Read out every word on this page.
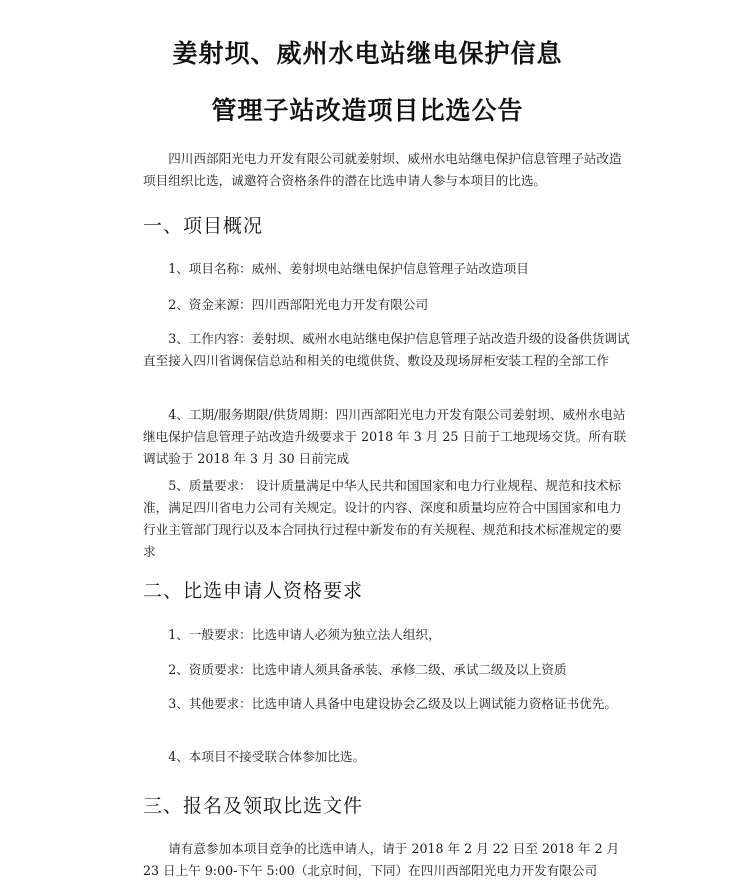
姜射坝、威州水电站继电保护信息
管理子站改造项目比选公告

四川西部阳光电力开发有限公司就姜射坝、威州水电站继电保护信息管理子站改造项目组织比选，诚邀符合资格条件的潜在比选申请人参与本项目的比选。

一、项目概况

1、项目名称：威州、姜射坝电站继电保护信息管理子站改造项目

2、资金来源：四川西部阳光电力开发有限公司

3、工作内容：姜射坝、威州水电站继电保护信息管理子站改造升级的设备供货调试直至接入四川省调保信总站和相关的电缆供货、敷设及现场屏柜安装工程的全部工作

4、工期/服务期限/供货周期：四川西部阳光电力开发有限公司姜射坝、威州水电站继电保护信息管理子站改造升级要求于 2018 年 3 月 25 日前于工地现场交货。所有联调试验于 2018 年 3 月 30 日前完成

5、质量要求： 设计质量满足中华人民共和国国家和电力行业规程、规范和技术标准，满足四川省电力公司有关规定。设计的内容、深度和质量均应符合中国国家和电力行业主管部门现行以及本合同执行过程中新发布的有关规程、规范和技术标准规定的要求

二、比选申请人资格要求

1、一般要求：比选申请人必须为独立法人组织，

2、资质要求：比选申请人须具备承装、承修二级、承试二级及以上资质

3、其他要求：比选申请人具备中电建设协会乙级及以上调试能力资格证书优先。

4、本项目不接受联合体参加比选。

三、报名及领取比选文件

请有意参加本项目竞争的比选申请人，请于 2018 年 2 月 22 日至 2018 年 2 月 23 日上午 9:00-下午 5:00（北京时间，下同）在四川西部阳光电力开发有限公司
